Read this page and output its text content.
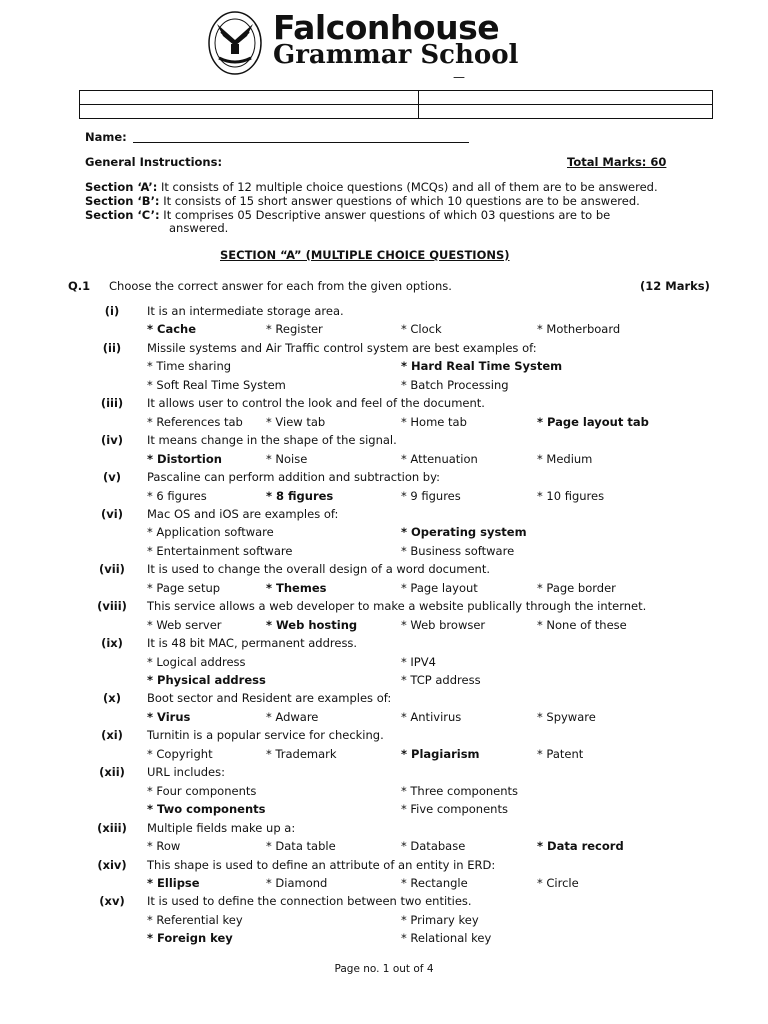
Falconhouse
Grammar School
—

Name:
General Instructions:	Total Marks: 60
Section ‘A’: It consists of 12 multiple choice questions (MCQs) and all of them are to be answered.
Section ‘B’: It consists of 15 short answer questions of which 10 questions are to be answered.
Section ‘C’: It comprises 05 Descriptive answer questions of which 03 questions are to be
answered.
SECTION “A” (MULTIPLE CHOICE QUESTIONS)
Q.1 Choose the correct answer for each from the given options.	(12 Marks)
(i)	It is an intermediate storage area.
* Cache	* Register	* Clock	* Motherboard
(ii)	Missile systems and Air Traffic control system are best examples of:
* Time sharing	* Hard Real Time System
* Soft Real Time System	* Batch Processing
(iii)	It allows user to control the look and feel of the document.
* References tab * View tab	* Home tab	* Page layout tab
(iv)	It means change in the shape of the signal.
* Distortion	* Noise	* Attenuation	* Medium
(v)	Pascaline can perform addition and subtraction by:
* 6 figures	* 8 figures	* 9 figures	* 10 figures
(vi)	Mac OS and iOS are examples of:
* Application software	* Operating system
* Entertainment software	* Business software
(vii)	It is used to change the overall design of a word document.
* Page setup	* Themes	* Page layout	* Page border
(viii)	This service allows a web developer to make a website publically through the internet.
* Web server	* Web hosting	* Web browser	* None of these
(ix)	It is 48 bit MAC, permanent address.
* Logical address	* IPV4
* Physical address	* TCP address
(x)	Boot sector and Resident are examples of:
* Virus	* Adware	* Antivirus	* Spyware
(xi)	Turnitin is a popular service for checking.
* Copyright	* Trademark	* Plagiarism	* Patent
(xii)	URL includes:
* Four components	* Three components
* Two components	* Five components
(xiii)	Multiple fields make up a:
* Row	* Data table	* Database	* Data record
(xiv)	This shape is used to define an attribute of an entity in ERD:
* Ellipse	* Diamond	* Rectangle	* Circle
(xv)	It is used to define the connection between two entities.
* Referential key	* Primary key
* Foreign key	* Relational key
Page no. 1 out of 4
